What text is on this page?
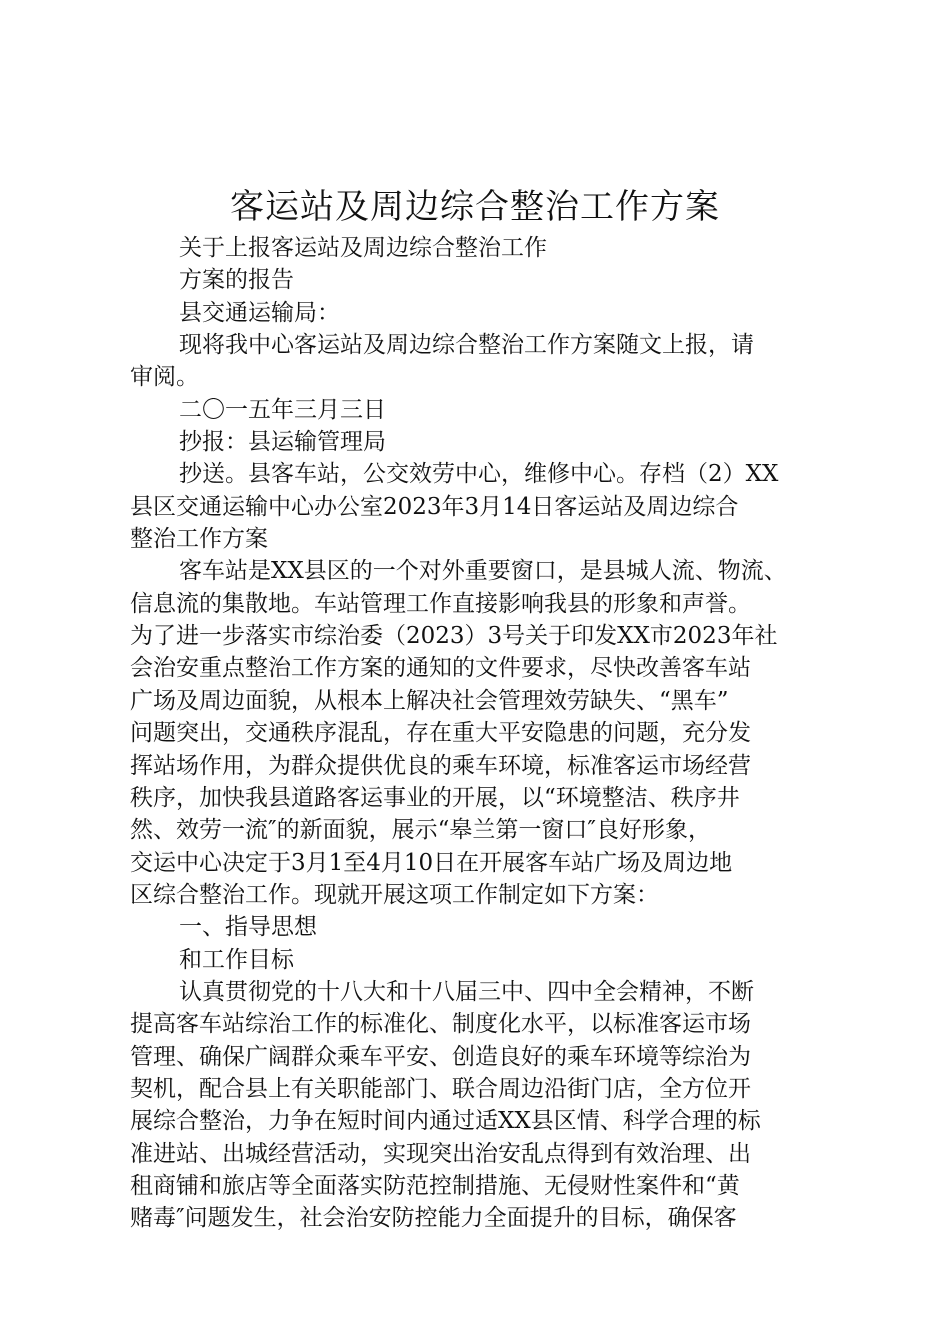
客运站及周边综合整治工作方案
关于上报客运站及周边综合整治工作
方案的报告
县交通运输局：
现将我中心客运站及周边综合整治工作方案随文上报，请
审阅。
二〇一五年三月三日
抄报：县运输管理局
抄送。县客车站，公交效劳中心，维修中心。存档（2）XX
县区交通运输中心办公室2023年3月14日客运站及周边综合
整治工作方案
客车站是XX县区的一个对外重要窗口，是县城人流、物流、
信息流的集散地。车站管理工作直接影响我县的形象和声誉。
为了进一步落实市综治委（2023）3号关于印发XX市2023年社
会治安重点整治工作方案的通知的文件要求，尽快改善客车站
广场及周边面貌，从根本上解决社会管理效劳缺失、“黑车”
问题突出，交通秩序混乱，存在重大平安隐患的问题，充分发
挥站场作用，为群众提供优良的乘车环境，标准客运市场经营
秩序，加快我县道路客运事业的开展，以“环境整洁、秩序井
然、效劳一流″的新面貌，展示“皋兰第一窗口″良好形象，
交运中心决定于3月1至4月10日在开展客车站广场及周边地
区综合整治工作。现就开展这项工作制定如下方案：
一、指导思想
和工作目标
认真贯彻党的十八大和十八届三中、四中全会精神，不断
提高客车站综治工作的标准化、制度化水平，以标准客运市场
管理、确保广阔群众乘车平安、创造良好的乘车环境等综治为
契机，配合县上有关职能部门、联合周边沿街门店，全方位开
展综合整治，力争在短时间内通过适XX县区情、科学合理的标
准进站、出城经营活动，实现突出治安乱点得到有效治理、出
租商铺和旅店等全面落实防范控制措施、无侵财性案件和“黄
赌毒″问题发生，社会治安防控能力全面提升的目标，确保客
